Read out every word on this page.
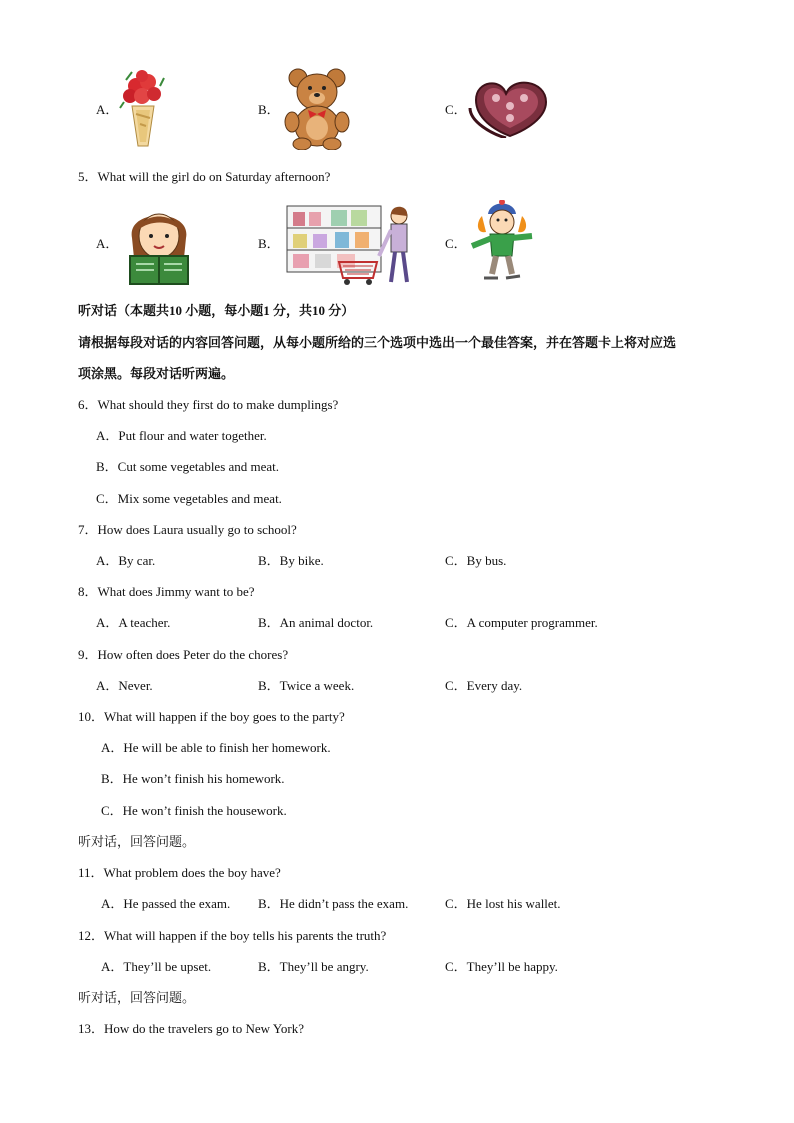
A．	B．	C．
5．What will the girl do on Saturday afternoon?
A．	B．	C．
听对话（本题共10 小题，每小题1 分，共10 分）
请根据每段对话的内容回答问题，从每小题所给的三个选项中选出一个最佳答案，并在答题卡上将对应选
项涂黑。每段对话听两遍。
6．What should they first do to make dumplings?
A．Put flour and water together.
B．Cut some vegetables and meat.
C．Mix some vegetables and meat.
7．How does Laura usually go to school?
A．By car.	B．By bike.	C．By bus.
8．What does Jimmy want to be?
A．A teacher.	B．An animal doctor.	C．A computer programmer.
9．How often does Peter do the chores?
A．Never.	B．Twice a week.	C．Every day.
10．What will happen if the boy goes to the party?
A．He will be able to finish her homework.
B．He won’t finish his homework.
C．He won’t finish the housework.
听对话，回答问题。
11．What problem does the boy have?
A．He passed the exam. B．He didn’t pass the exam.	C．He lost his wallet.
12．What will happen if the boy tells his parents the truth?
A．They’ll be upset.	B．They’ll be angry.	C．They’ll be happy.
听对话，回答问题。
13．How do the travelers go to New York?
